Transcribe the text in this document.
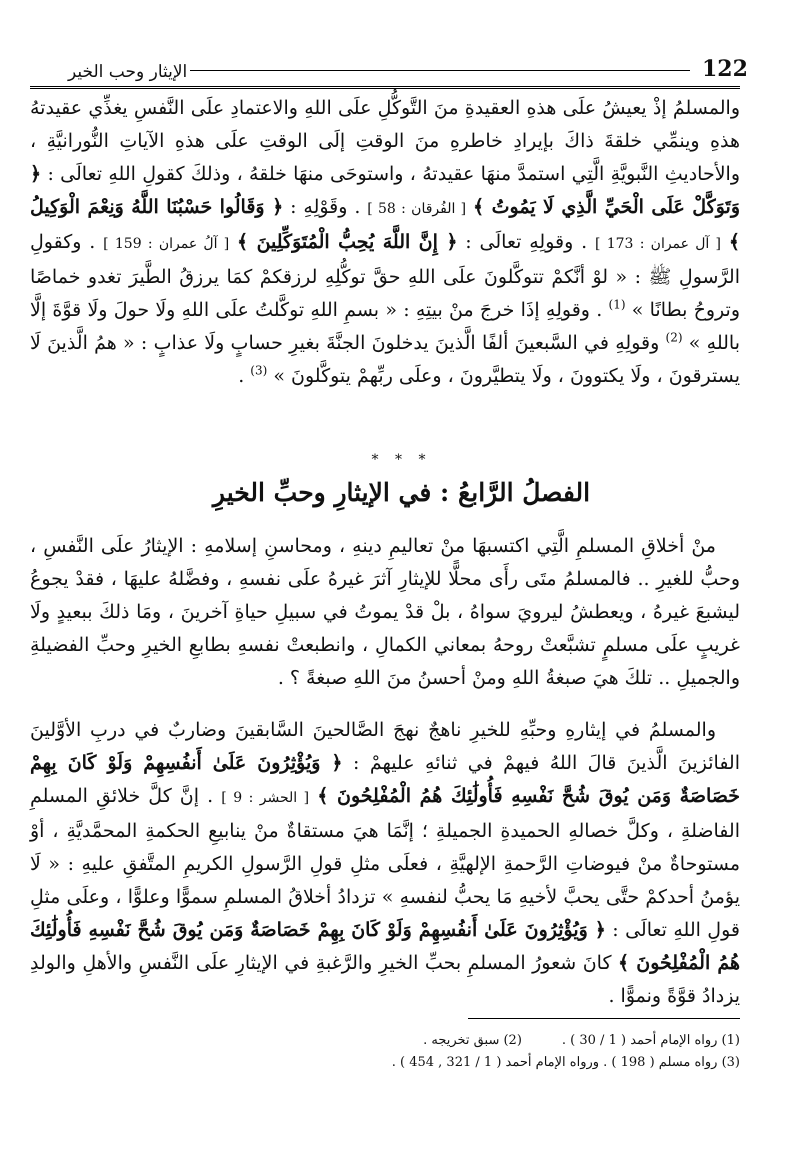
122
الإيثار وحب الخير

والمسلمُ إذْ يعيشُ علَى هذهِ العقيدةِ منَ التَّوكُّلِ علَى اللهِ والاعتمادِ علَى النَّفسِ يغذِّي عقيدتهُ هذهِ وينمِّي خلقةَ ذاكَ بإيرادِ خاطرهِ منَ الوقتِ إلَى الوقتِ علَى هذهِ الآياتِ النُّورانيَّةِ ، والأحاديثِ النَّبويَّةِ الَّتِي استمدَّ منهَا عقيدتهُ ، واستوحَى منهَا خلقهُ ، وذلكَ كقولِ اللهِ تعالَى : ﴿ وَتَوَكَّلْ عَلَى الْحَيِّ الَّذِي لَا يَمُوتُ ﴾ [ الفُرقان : 58 ] . وقَوْلِهِ : ﴿ وَقَالُوا حَسْبُنَا اللَّهُ وَنِعْمَ الْوَكِيلُ ﴾ [ آل عمران : 173 ] . وقولِهِ تعالَى : ﴿ إِنَّ اللَّهَ يُحِبُّ الْمُتَوَكِّلِينَ ﴾ [ آلُ عمران : 159 ] . وكقولِ الرَّسولِ ﷺ : « لوْ أنَّكمْ تتوكَّلونَ علَى اللهِ حقَّ توكُّلِهِ لرزقكمْ كمَا يرزقُ الطَّيرَ تغدو خماصًا وتروحُ بطانًا » $^{(1)}$ . وقولِهِ إذَا خرجَ منْ بيتِهِ : « بسمِ اللهِ توكَّلتُ علَى اللهِ ولَا حولَ ولَا قوَّةَ إلَّا باللهِ » $^{(2)}$ وقولِهِ في السَّبعينَ ألفًا الَّذينَ يدخلونَ الجنَّةَ بغيرِ حسابٍ ولَا عذابٍ : « همُ الَّذينَ لَا يسترقونَ ، ولَا يكتوونَ ، ولَا يتطيَّرونَ ، وعلَى ربِّهمْ يتوكَّلونَ » $^{(3)}$ .

* * *
الفصلُ الرَّابعُ : في الإيثارِ وحبِّ الخيرِ

منْ أخلاقِ المسلمِ الَّتِي اكتسبهَا منْ تعاليمِ دينهِ ، ومحاسنِ إسلامهِ : الإيثارُ علَى النَّفسِ ، وحبُّ للغيرِ .. فالمسلمُ متَى رأَى محلًّا للإيثارِ آثرَ غيرهُ علَى نفسهِ ، وفضَّلهُ عليهَا ، فقدْ يجوعُ ليشبعَ غيرهُ ، ويعطشُ ليرويَ سواهُ ، بلْ قدْ يموتُ في سبيلِ حياةِ آخرينَ ، ومَا ذلكَ ببعيدٍ ولَا غريبٍ علَى مسلمٍ تشبَّعتْ روحهُ بمعاني الكمالِ ، وانطبعتْ نفسهِ بطابعِ الخيرِ وحبِّ الفضيلةِ والجميلِ .. تلكَ هيَ صبغةُ اللهِ ومنْ أحسنُ منَ اللهِ صبغةً ؟ .

والمسلمُ في إيثارهِ وحبِّهِ للخيرِ ناهجٌ نهجَ الصَّالحينَ السَّابقينَ وضاربٌ في دربِ الأوَّلينَ الفائزينَ الَّذينَ قالَ اللهُ فيهمْ في ثنائهِ عليهمْ : ﴿ وَيُؤْثِرُونَ عَلَىٰ أَنفُسِهِمْ وَلَوْ كَانَ بِهِمْ خَصَاصَةٌ وَمَن يُوقَ شُحَّ نَفْسِهِ فَأُولَٰئِكَ هُمُ الْمُفْلِحُونَ ﴾ [ الحشر : 9 ] . إنَّ كلَّ خلائقِ المسلمِ الفاضلةِ ، وكلَّ خصالهِ الحميدةِ الجميلةِ ؛ إنَّمَا هيَ مستقاةٌ منْ ينابيعِ الحكمةِ المحمَّديَّةِ ، أوْ مستوحاةٌ منْ فيوضاتِ الرَّحمةِ الإلهيَّةِ ، فعلَى مثلِ قولِ الرَّسولِ الكريمِ المتَّفقِ عليهِ : « لَا يؤمنُ أحدكمْ حتَّى يحبَّ لأخيهِ مَا يحبُّ لنفسهِ » تزدادُ أخلاقُ المسلمِ سموًّا وعلوًّا ، وعلَى مثلِ قولِ اللهِ تعالَى : ﴿ وَيُؤْثِرُونَ عَلَىٰ أَنفُسِهِمْ وَلَوْ كَانَ بِهِمْ خَصَاصَةٌ وَمَن يُوقَ شُحَّ نَفْسِهِ فَأُولَٰئِكَ هُمُ الْمُفْلِحُونَ ﴾ كانَ شعورُ المسلمِ بحبِّ الخيرِ والرَّغبةِ في الإيثارِ علَى النَّفسِ والأهلِ والولدِ يزدادُ قوَّةً ونموًّا .

(1) رواه الإمام أحمد ( 1 / 30 ) .
(2) سبق تخريجه .
(3) رواه مسلم ( 198 ) . ورواه الإمام أحمد ( 1 / 321 , 454 ) .
